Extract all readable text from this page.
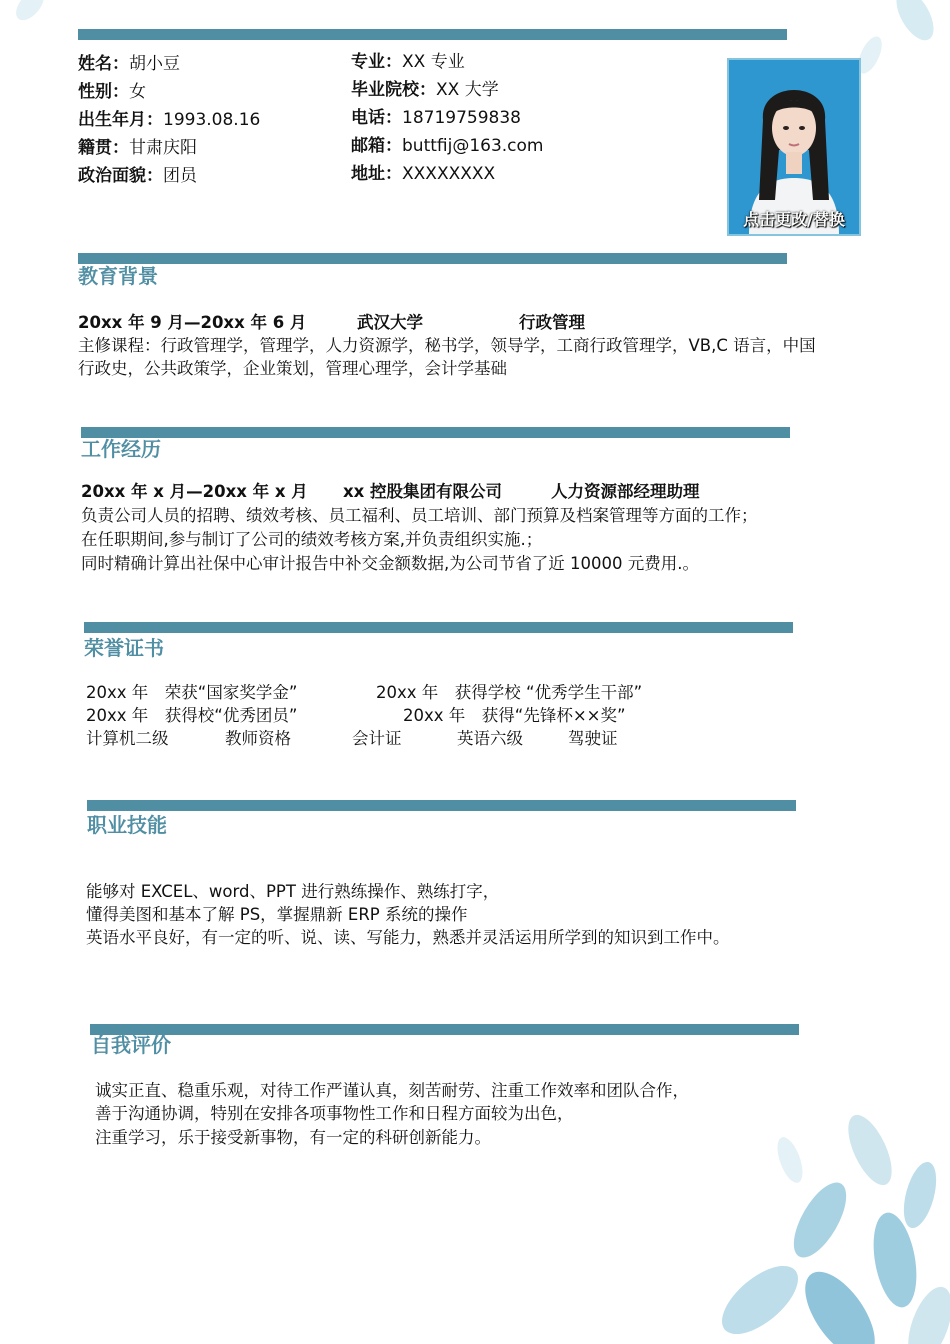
姓名：胡小豆
性别：女
出生年月：1993.08.16
籍贯：甘肃庆阳
政治面貌：团员
专业：XX 专业
毕业院校：XX 大学
电话：18719759838
邮箱：buttfij@163.com
地址：XXXXXXXX
点击更改/替换
教育背景
20xx 年 9 月—20xx 年 6 月	武汉大学	行政管理
主修课程：行政管理学，管理学，人力资源学，秘书学，领导学，工商行政管理学，VB,C 语言，中国
行政史，公共政策学，企业策划，管理心理学，会计学基础
工作经历
20xx 年 x 月—20xx 年 x 月 xx 控股集团有限公司	人力资源部经理助理
负责公司人员的招聘、绩效考核、员工福利、员工培训、部门预算及档案管理等方面的工作；
在任职期间,参与制订了公司的绩效考核方案,并负责组织实施.；
同时精确计算出社保中心审计报告中补交金额数据,为公司节省了近 10000 元费用.。
荣誉证书
20xx 年　荣获“国家奖学金”	20xx 年　获得学校 “优秀学生干部”
20xx 年　获得校“优秀团员”	20xx 年　获得“先锋杯××奖”
计算机二级	教师资格	会计证	英语六级	驾驶证
职业技能
能够对 EXCEL、word、PPT 进行熟练操作、熟练打字，
懂得美图和基本了解 PS，掌握鼎新 ERP 系统的操作
英语水平良好，有一定的听、说、读、写能力，熟悉并灵活运用所学到的知识到工作中。
自我评价
诚实正直、稳重乐观，对待工作严谨认真，刻苦耐劳、注重工作效率和团队合作，
善于沟通协调，特别在安排各项事物性工作和日程方面较为出色，
注重学习，乐于接受新事物，有一定的科研创新能力。
